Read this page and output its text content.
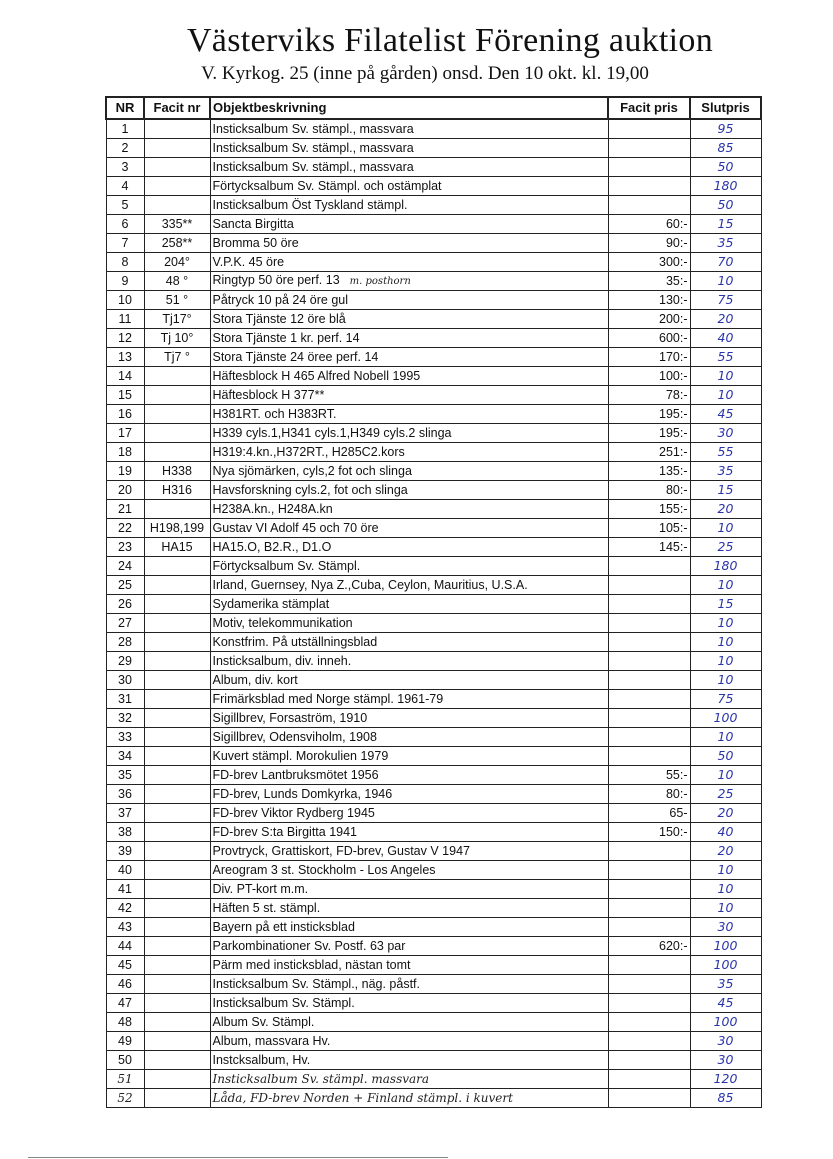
Västerviks Filatelist Förening auktion
V. Kyrkog. 25 (inne på gården) onsd. Den 10 okt. kl. 19,00
NR	Facit nr	Objektbeskrivning	Facit pris	Slutpris
1		Insticksalbum Sv. stämpl., massvara		95
2		Insticksalbum Sv. stämpl., massvara		85
3		Insticksalbum Sv. stämpl., massvara		50
4		Förtycksalbum Sv. Stämpl. och ostämplat		180
5		Insticksalbum Öst Tyskland stämpl.		50
6	335**	Sancta Birgitta	60:-	15
7	258**	Bromma 50 öre	90:-	35
8	204°	V.P.K. 45 öre	300:-	70
9	48 °	Ringtyp 50 öre perf. 13 m. posthorn	35:-	10
10	51 °	Påtryck 10 på 24 öre gul	130:-	75
11	Tj17°	Stora Tjänste 12 öre blå	200:-	20
12	Tj 10°	Stora Tjänste 1 kr. perf. 14	600:-	40
13	Tj7 °	Stora Tjänste 24 öree perf. 14	170:-	55
14		Häftesblock H 465 Alfred Nobell 1995	100:-	10
15		Häftesblock H 377**	78:-	10
16		H381RT. och H383RT.	195:-	45
17		H339 cyls.1,H341 cyls.1,H349 cyls.2 slinga	195:-	30
18		H319:4.kn.,H372RT., H285C2.kors	251:-	55
19	H338	Nya sjömärken, cyls,2 fot och slinga	135:-	35
20	H316	Havsforskning cyls.2, fot och slinga	80:-	15
21		H238A.kn., H248A.kn	155:-	20
22	H198,199	Gustav VI Adolf 45 och 70 öre	105:-	10
23	HA15	HA15.O, B2.R., D1.O	145:-	25
24		Förtycksalbum Sv. Stämpl.		180
25		Irland, Guernsey, Nya Z.,Cuba, Ceylon, Mauritius, U.S.A.		10
26		Sydamerika stämplat		15
27		Motiv, telekommunikation		10
28		Konstfrim. På utställningsblad		10
29		Insticksalbum, div. inneh.		10
30		Album, div. kort		10
31		Frimärksblad med Norge stämpl. 1961-79		75
32		Sigillbrev, Forsaström, 1910		100
33		Sigillbrev, Odensviholm, 1908		10
34		Kuvert stämpl. Morokulien 1979		50
35		FD-brev Lantbruksmötet 1956	55:-	10
36		FD-brev, Lunds Domkyrka, 1946	80:-	25
37		FD-brev Viktor Rydberg 1945	65-	20
38		FD-brev S:ta Birgitta 1941	150:-	40
39		Provtryck, Grattiskort, FD-brev, Gustav V 1947		20
40		Areogram 3 st. Stockholm - Los Angeles		10
41		Div. PT-kort m.m.		10
42		Häften 5 st. stämpl.		10
43		Bayern på ett insticksblad		30
44		Parkombinationer Sv. Postf. 63 par	620:-	100
45		Pärm med insticksblad, nästan tomt		100
46		Insticksalbum Sv. Stämpl., näg. påstf.		35
47		Insticksalbum Sv. Stämpl.		45
48		Album Sv. Stämpl.		100
49		Album, massvara Hv.		30
50		Instcksalbum, Hv.		30
51		Insticksalbum Sv. stämpl. massvara		120
52		Låda, FD-brev Norden + Finland stämpl. i kuvert		85
